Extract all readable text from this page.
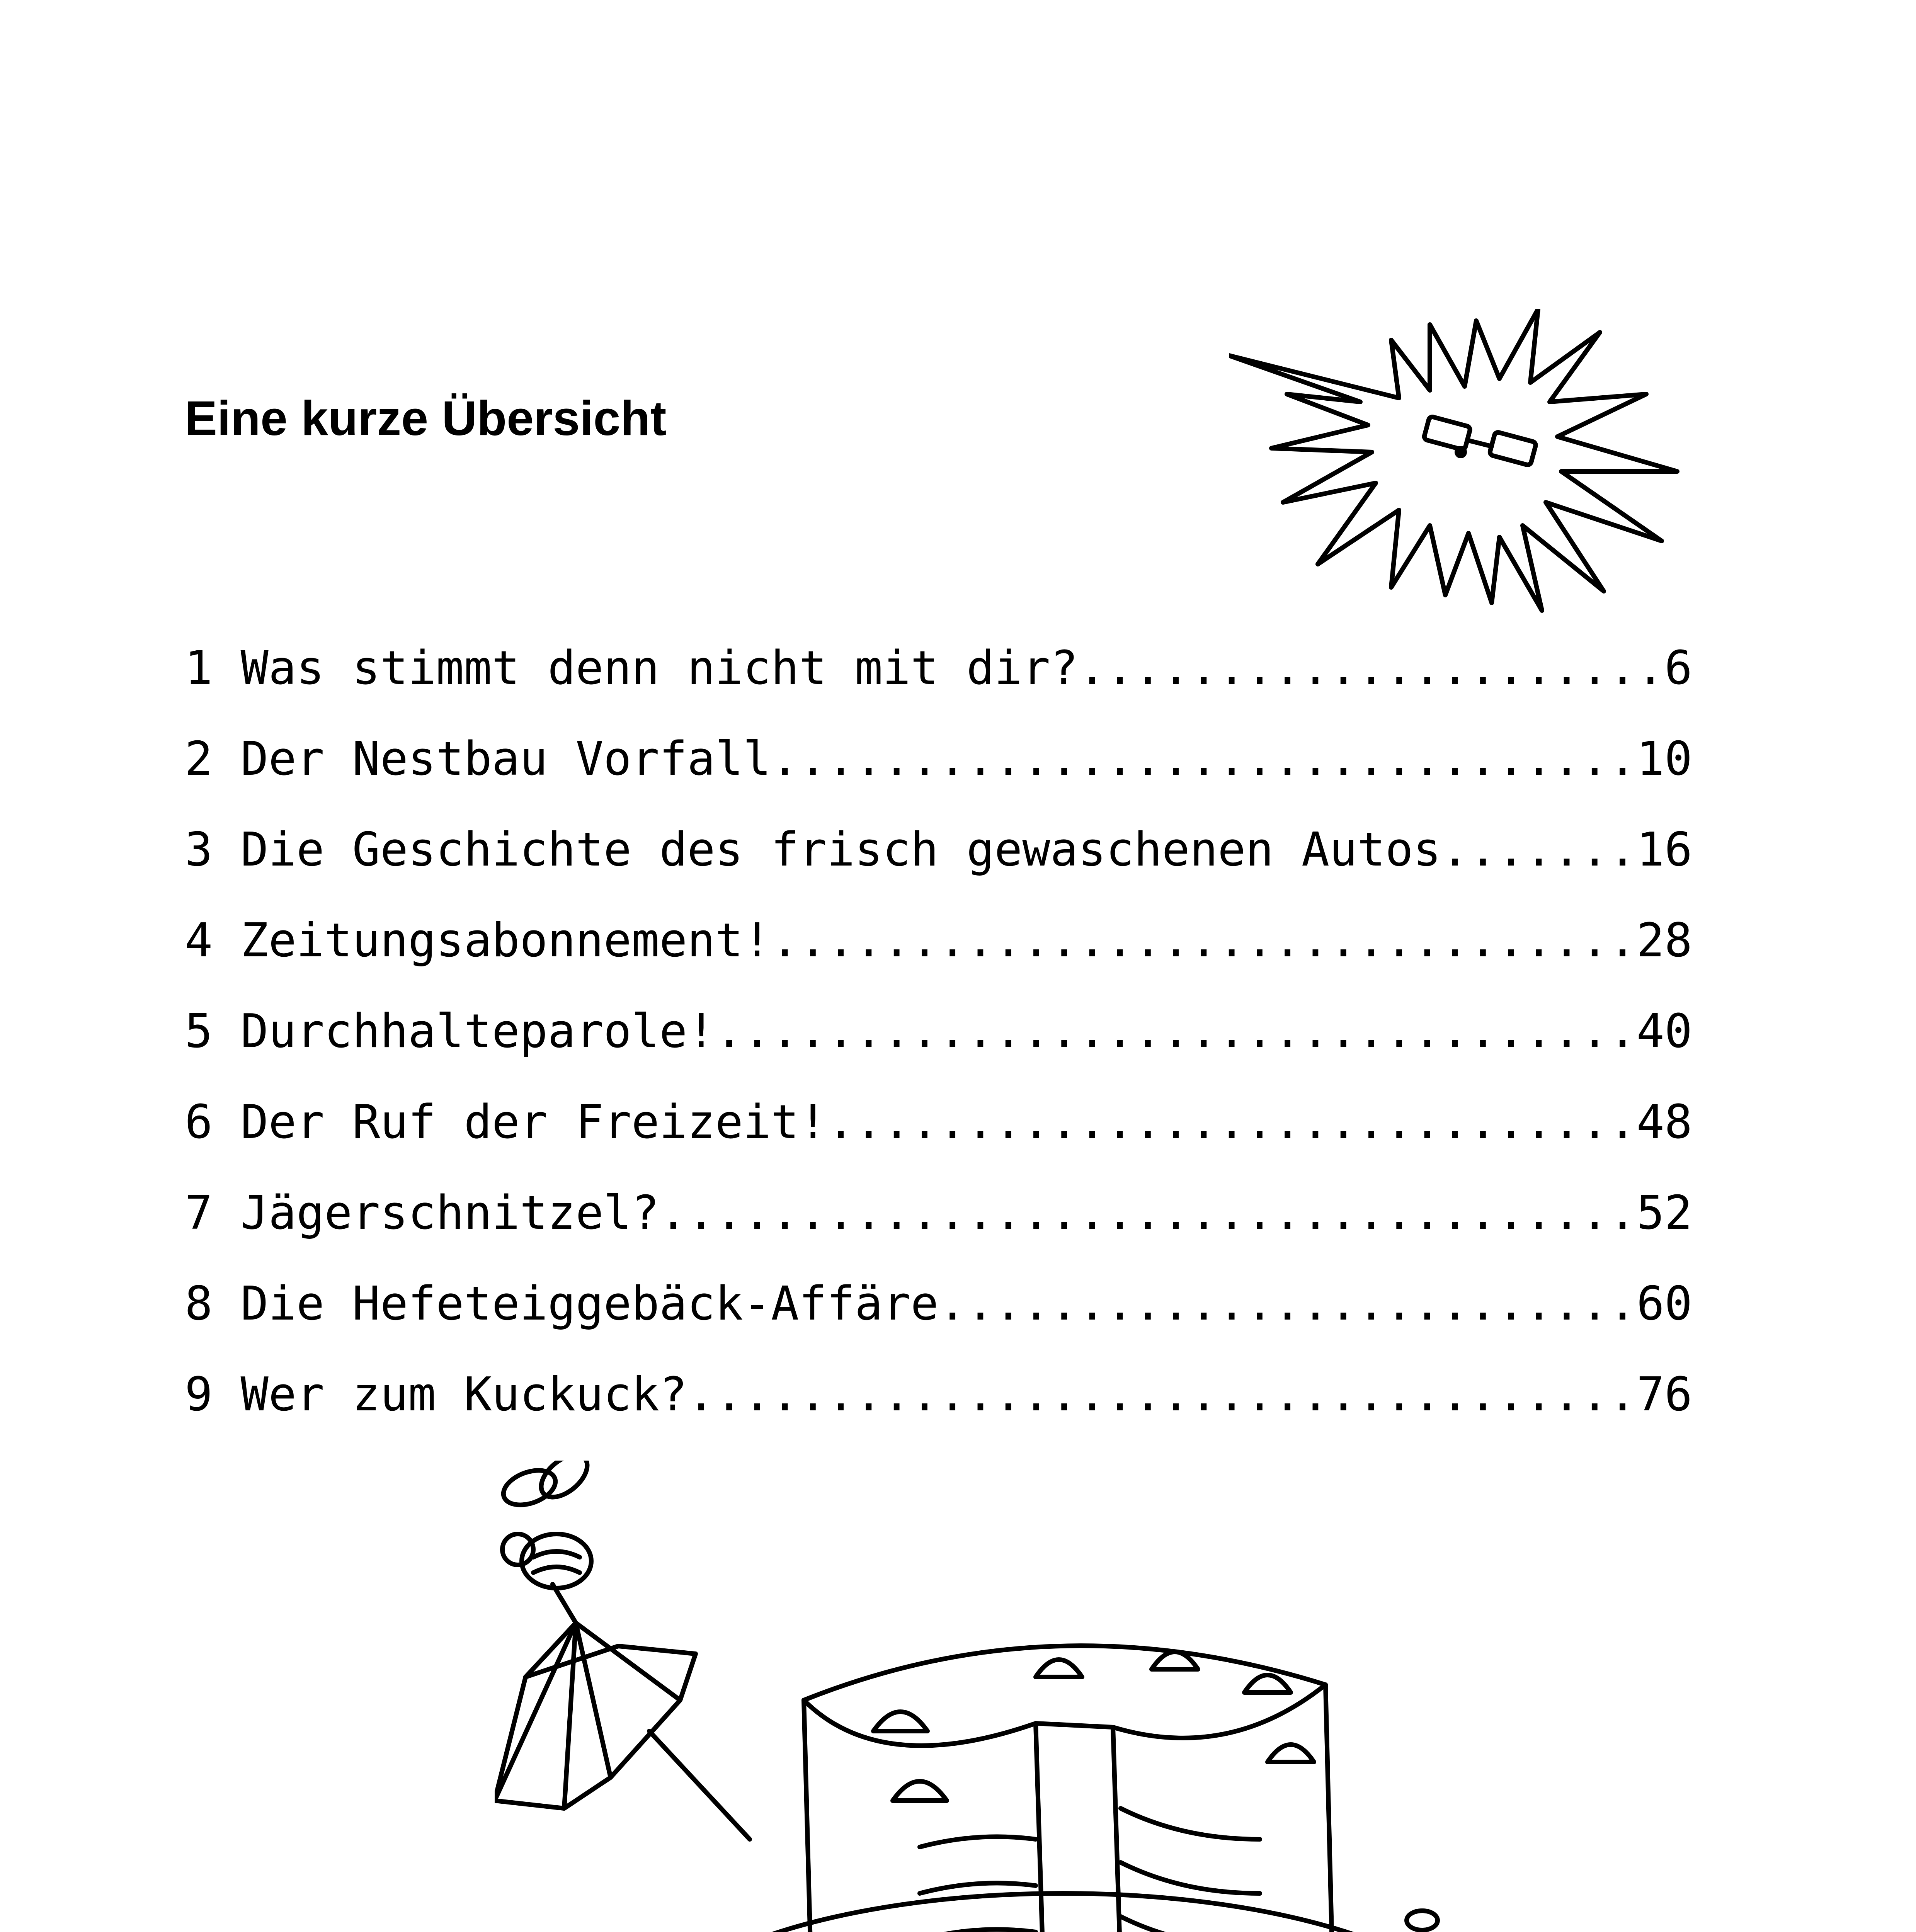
Eine kurze Übersicht
1 Was stimmt denn nicht mit dir?.....................6
2 Der Nestbau Vorfall...............................10
3 Die Geschichte des frisch gewaschenen Autos.......16
4 Zeitungsabonnement!...............................28
5 Durchhalteparole!.................................40
6 Der Ruf der Freizeit!.............................48
7 Jägerschnitzel?...................................52
8 Die Hefeteiggebäck-Affäre.........................60
9 Wer zum Kuckuck?..................................76
